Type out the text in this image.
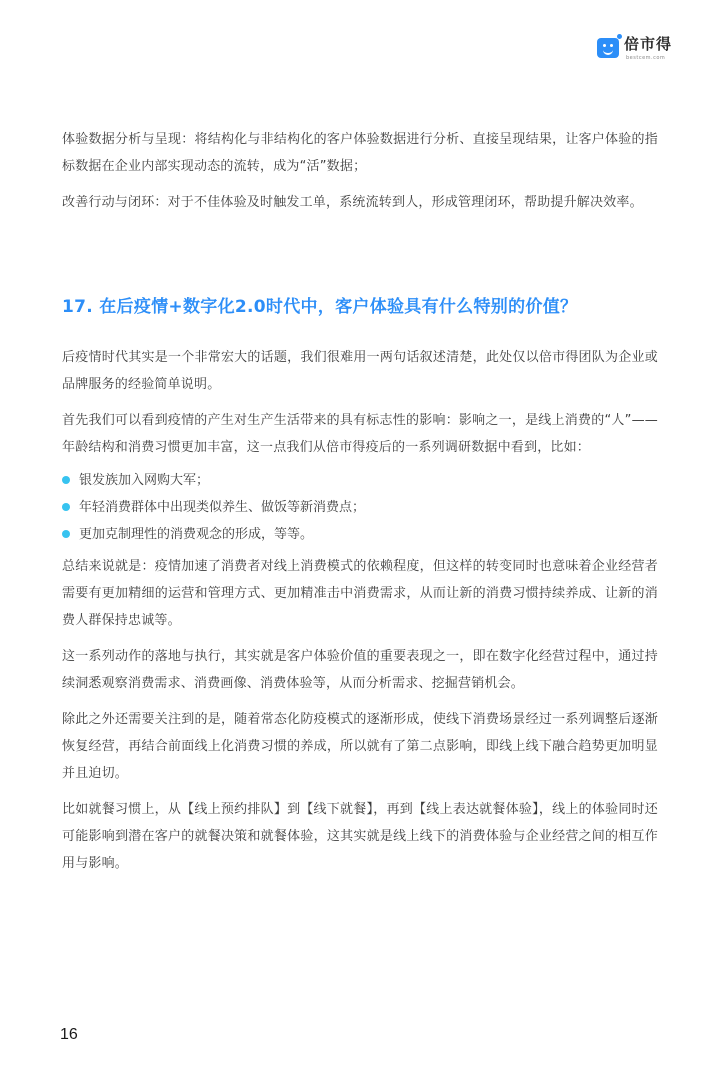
倍市得
bestcem.com

体验数据分析与呈现：将结构化与非结构化的客户体验数据进行分析、直接呈现结果，让客户体验的指标数据在企业内部实现动态的流转，成为“活”数据；

改善行动与闭环：对于不佳体验及时触发工单，系统流转到人，形成管理闭环，帮助提升解决效率。

17. 在后疫情+数字化2.0时代中，客户体验具有什么特别的价值？

后疫情时代其实是一个非常宏大的话题，我们很难用一两句话叙述清楚，此处仅以倍市得团队为企业或品牌服务的经验简单说明。

首先我们可以看到疫情的产生对生产生活带来的具有标志性的影响：影响之一，是线上消费的“人”——年龄结构和消费习惯更加丰富，这一点我们从倍市得疫后的一系列调研数据中看到，比如：

银发族加入网购大军；
年轻消费群体中出现类似养生、做饭等新消费点；
更加克制理性的消费观念的形成，等等。

总结来说就是：疫情加速了消费者对线上消费模式的依赖程度，但这样的转变同时也意味着企业经营者需要有更加精细的运营和管理方式、更加精准击中消费需求，从而让新的消费习惯持续养成、让新的消费人群保持忠诚等。

这一系列动作的落地与执行，其实就是客户体验价值的重要表现之一，即在数字化经营过程中，通过持续洞悉观察消费需求、消费画像、消费体验等，从而分析需求、挖掘营销机会。

除此之外还需要关注到的是，随着常态化防疫模式的逐渐形成，使线下消费场景经过一系列调整后逐渐恢复经营，再结合前面线上化消费习惯的养成，所以就有了第二点影响，即线上线下融合趋势更加明显并且迫切。

比如就餐习惯上，从【线上预约排队】到【线下就餐】，再到【线上表达就餐体验】，线上的体验同时还可能影响到潜在客户的就餐决策和就餐体验，这其实就是线上线下的消费体验与企业经营之间的相互作用与影响。

16
